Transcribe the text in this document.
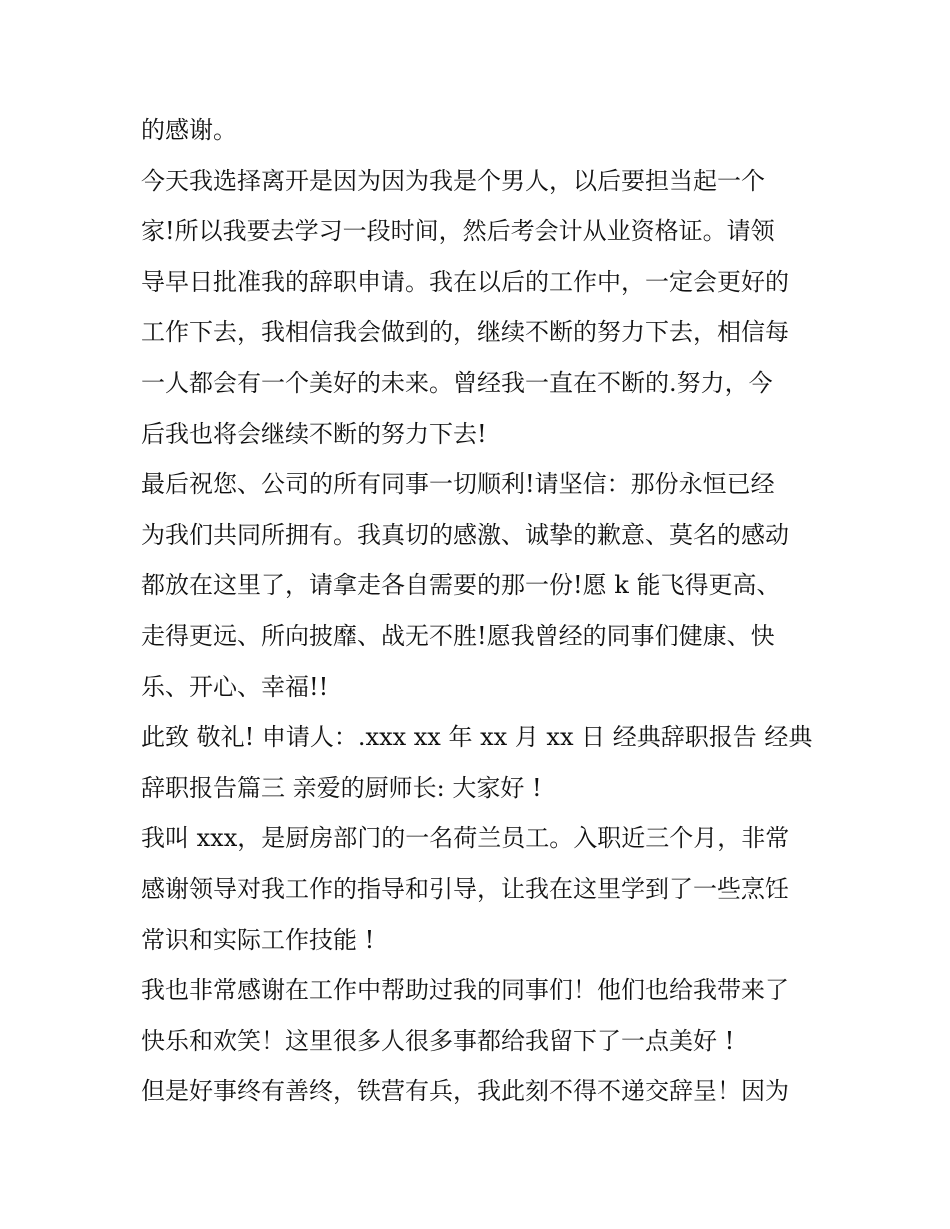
的感谢。
今天我选择离开是因为因为我是个男人，以后要担当起一个
家!所以我要去学习一段时间，然后考会计从业资格证。请领
导早日批准我的辞职申请。我在以后的工作中，一定会更好的
工作下去，我相信我会做到的，继续不断的努力下去，相信每
一人都会有一个美好的未来。曾经我一直在不断的.努力，今
后我也将会继续不断的努力下去!
最后祝您、公司的所有同事一切顺利!请坚信：那份永恒已经
为我们共同所拥有。我真切的感激、诚挚的歉意、莫名的感动
都放在这里了，请拿走各自需要的那一份!愿 k 能飞得更高、
走得更远、所向披靡、战无不胜!愿我曾经的同事们健康、快
乐、开心、幸福!!
此致 敬礼! 申请人：.xxx xx 年 xx 月 xx 日 经典辞职报告 经典
辞职报告篇三 亲爱的厨师长: 大家好 !
我叫 xxx，是厨房部门的一名荷兰员工。入职近三个月，非常
感谢领导对我工作的指导和引导，让我在这里学到了一些烹饪
常识和实际工作技能 !
我也非常感谢在工作中帮助过我的同事们！他们也给我带来了
快乐和欢笑！这里很多人很多事都给我留下了一点美好 !
但是好事终有善终，铁营有兵，我此刻不得不递交辞呈！因为
